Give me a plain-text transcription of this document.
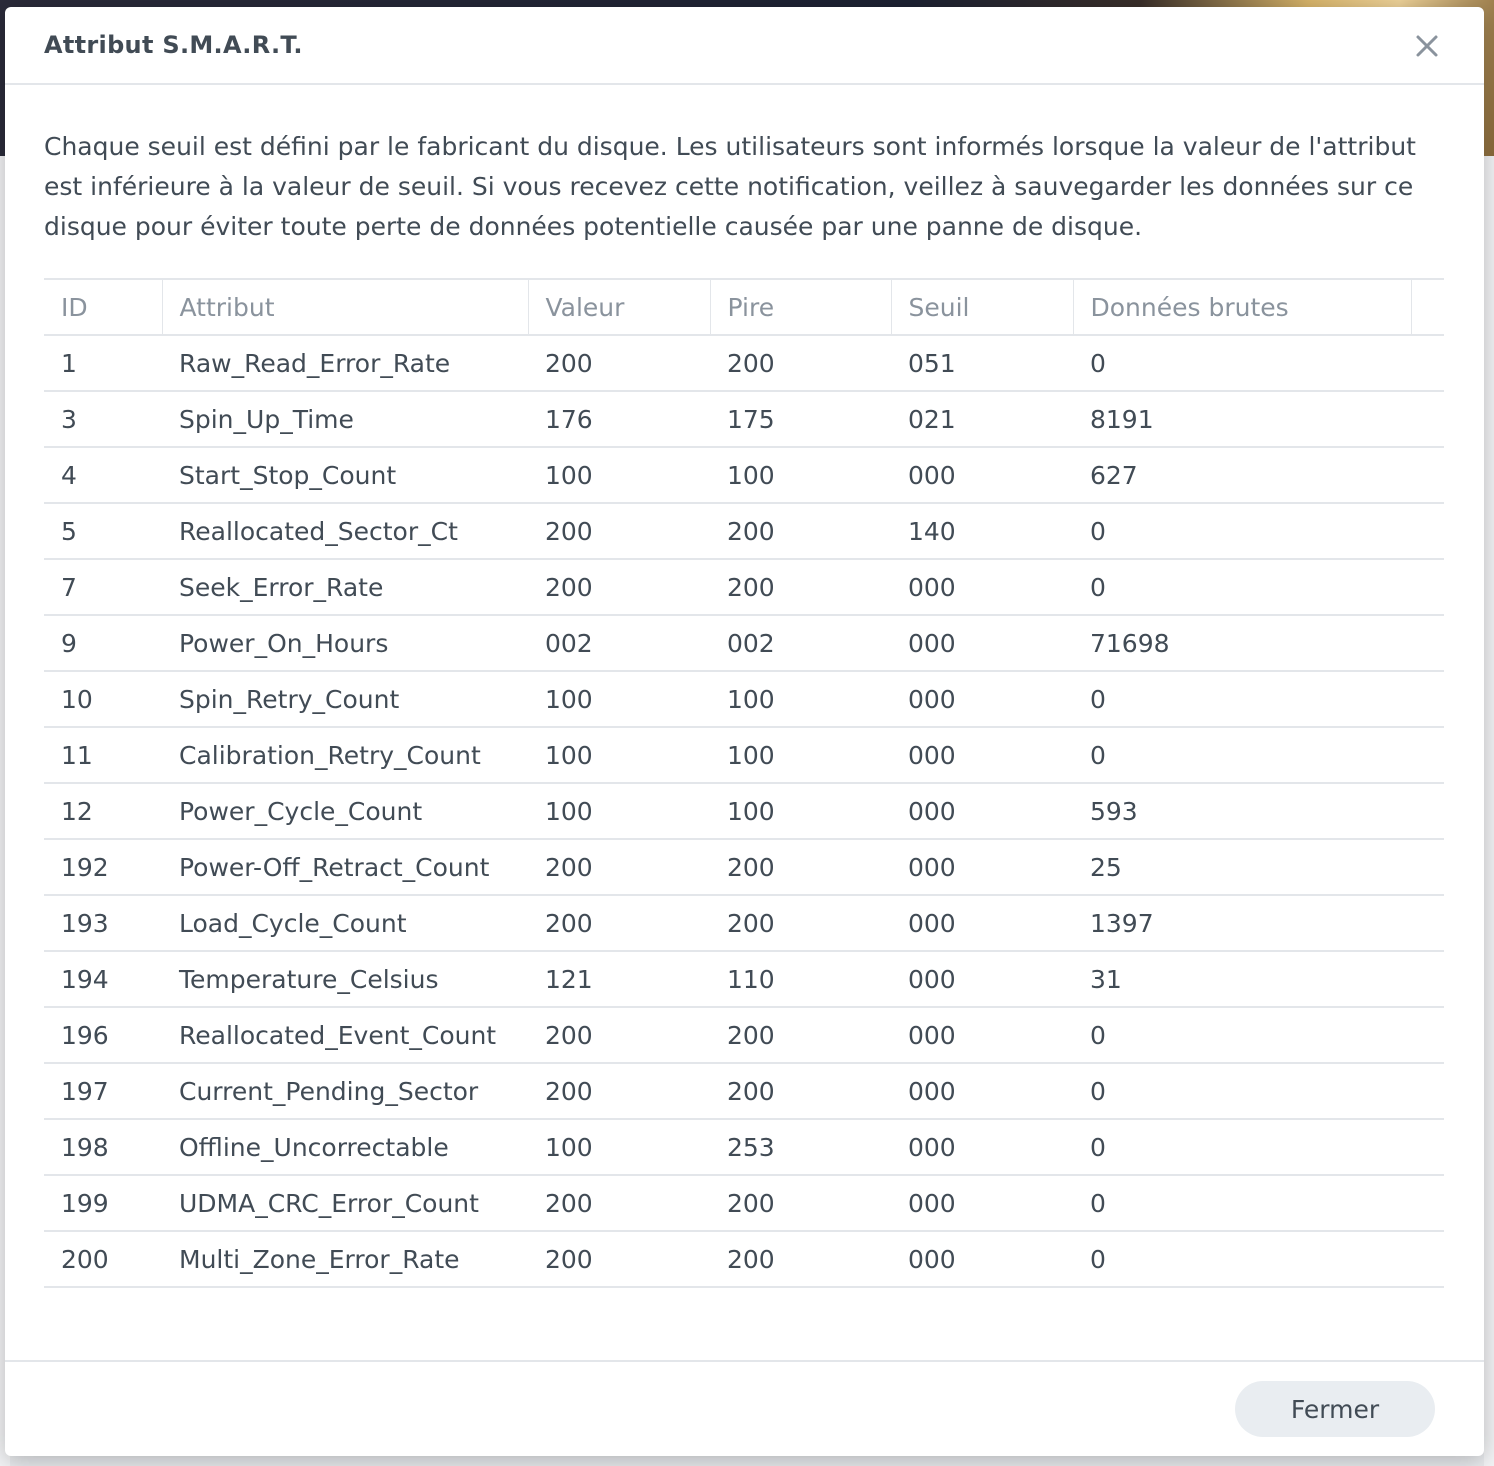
Attribut S.M.A.R.T.

Chaque seuil est défini par le fabricant du disque. Les utilisateurs sont informés lorsque la valeur de l'attribut est inférieure à la valeur de seuil. Si vous recevez cette notification, veillez à sauvegarder les données sur ce disque pour éviter toute perte de données potentielle causée par une panne de disque.

ID	Attribut	Valeur	Pire	Seuil	Données brutes	
1	Raw_Read_Error_Rate	200	200	051	0	
3	Spin_Up_Time	176	175	021	8191	
4	Start_Stop_Count	100	100	000	627	
5	Reallocated_Sector_Ct	200	200	140	0	
7	Seek_Error_Rate	200	200	000	0	
9	Power_On_Hours	002	002	000	71698	
10	Spin_Retry_Count	100	100	000	0	
11	Calibration_Retry_Count	100	100	000	0	
12	Power_Cycle_Count	100	100	000	593	
192	Power-Off_Retract_Count	200	200	000	25	
193	Load_Cycle_Count	200	200	000	1397	
194	Temperature_Celsius	121	110	000	31	
196	Reallocated_Event_Count	200	200	000	0	
197	Current_Pending_Sector	200	200	000	0	
198	Offline_Uncorrectable	100	253	000	0	
199	UDMA_CRC_Error_Count	200	200	000	0	
200	Multi_Zone_Error_Rate	200	200	000	0	
Fermer
